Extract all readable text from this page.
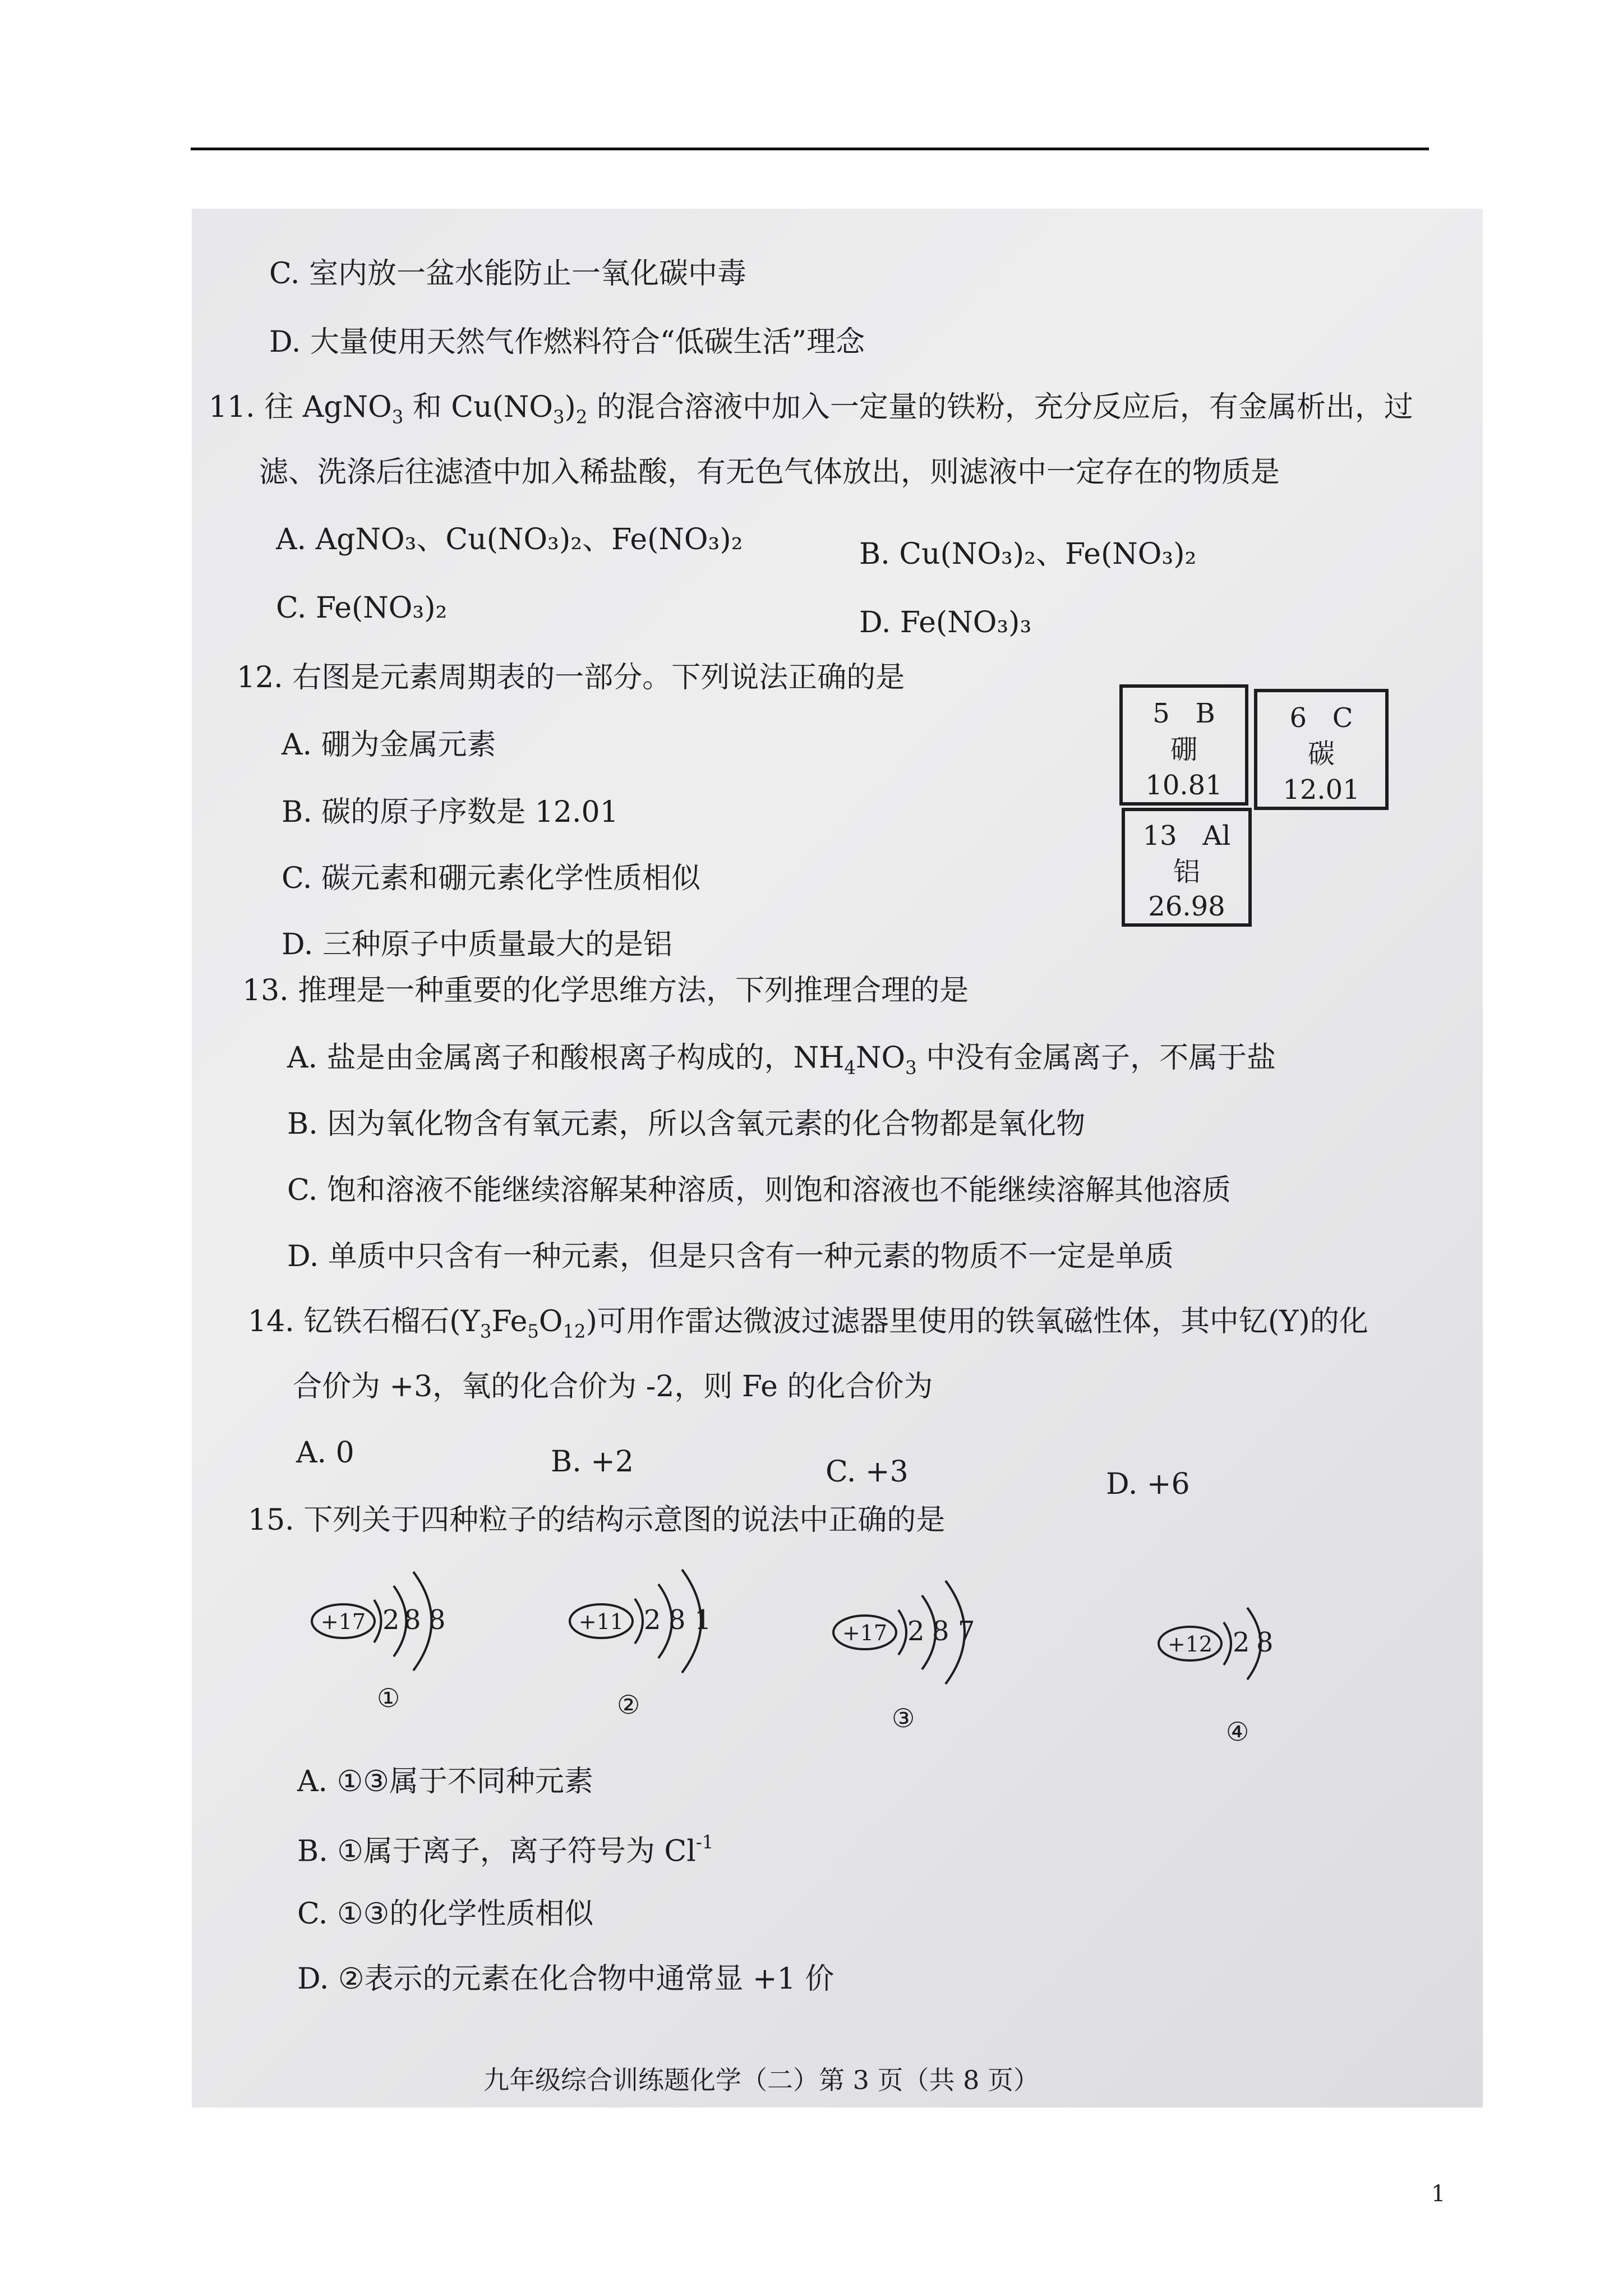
C. 室内放一盆水能防止一氧化碳中毒
D. 大量使用天然气作燃料符合“低碳生活”理念
11. 往 AgNO$_3$ 和 $Cu(NO_3)_2$ 的混合溶液中加入一定量的铁粉，充分反应后，有金属析出，过
滤、洗涤后往滤渣中加入稀盐酸，有无色气体放出，则滤液中一定存在的物质是
A. AgNO₃、Cu(NO₃)₂、Fe(NO₃)₂	B. Cu(NO₃)₂、Fe(NO₃)₂
C. Fe(NO₃)₂	D. Fe(NO₃)₃
12. 右图是元素周期表的一部分。下列说法正确的是
A. 硼为金属元素
B. 碳的原子序数是 12.01
C. 碳元素和硼元素化学性质相似
D. 三种原子中质量最大的是铝
5 B
硼
10.81
6 C
碳
12.01
13 Al
铝
26.98
13. 推理是一种重要的化学思维方法，下列推理合理的是
A. 盐是由金属离子和酸根离子构成的，$NH_4NO_3$ 中没有金属离子，不属于盐
B. 因为氧化物含有氧元素，所以含氧元素的化合物都是氧化物
C. 饱和溶液不能继续溶解某种溶质，则饱和溶液也不能继续溶解其他溶质
D. 单质中只含有一种元素，但是只含有一种元素的物质不一定是单质
14. 钇铁石榴石$(Y_3Fe_5O_{12})$可用作雷达微波过滤器里使用的铁氧磁性体，其中钇(Y)的化
合价为 +3，氧的化合价为 -2，则 Fe 的化合价为
A. 0	B. +2	C. +3	D. +6
15. 下列关于四种粒子的结构示意图的说法中正确的是
+17 2 8 8
①
+11 2 8 1
②
+17 2 8 7
③
+12 2 8
④
A. ①③属于不同种元素
B. ①属于离子，离子符号为 $Cl^{-1}$
C. ①③的化学性质相似
D. ②表示的元素在化合物中通常显 +1 价
九年级综合训练题化学（二）第 3 页（共 8 页）
1
